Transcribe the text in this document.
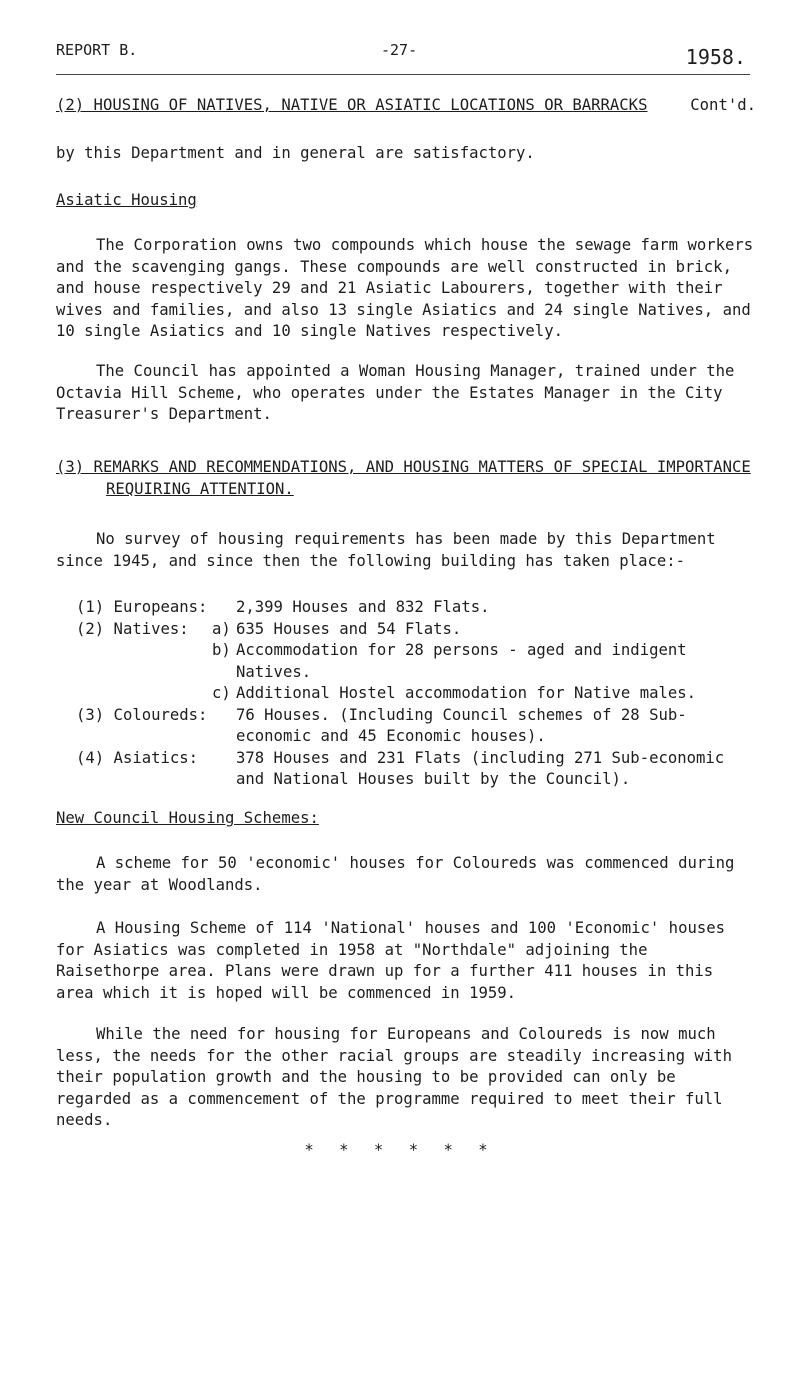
REPORT B.	-27-	1958.
(2) HOUSING OF NATIVES, NATIVE OR ASIATIC LOCATIONS OR BARRACKS	Cont'd.

by this Department and in general are satisfactory.

Asiatic Housing

The Corporation owns two compounds which house the sewage farm workers and the scavenging gangs. These compounds are well constructed in brick, and house respectively 29 and 21 Asiatic Labourers, together with their wives and families, and also 13 single Asiatics and 24 single Natives, and 10 single Asiatics and 10 single Natives respectively.

The Council has appointed a Woman Housing Manager, trained under the Octavia Hill Scheme, who operates under the Estates Manager in the City Treasurer's Department.

(3) REMARKS AND RECOMMENDATIONS, AND HOUSING MATTERS OF SPECIAL IMPORTANCE

REQUIRING ATTENTION.

No survey of housing requirements has been made by this Department since 1945, and since then the following building has taken place:-

(1) Europeans: 2,399 Houses and 832 Flats.
(2) Natives:	a) 635 Houses and 54 Flats.
b) Accommodation for 28 persons - aged and indigent Natives.
c) Additional Hostel accommodation for Native males.
(3) Coloureds: 76 Houses. (Including Council schemes of 28 Sub-economic and 45 Economic houses).
(4) Asiatics:	378 Houses and 231 Flats (including 271 Sub-economic and National Houses built by the Council).

New Council Housing Schemes:

A scheme for 50 'economic' houses for Coloureds was commenced during the year at Woodlands.

A Housing Scheme of 114 'National' houses and 100 'Economic' houses for Asiatics was completed in 1958 at "Northdale" adjoining the Raisethorpe area. Plans were drawn up for a further 411 houses in this area which it is hoped will be commenced in 1959.

While the need for housing for Europeans and Coloureds is now much less, the needs for the other racial groups are steadily increasing with their population growth and the housing to be provided can only be regarded as a commencement of the programme required to meet their full needs.

* * * * * *
